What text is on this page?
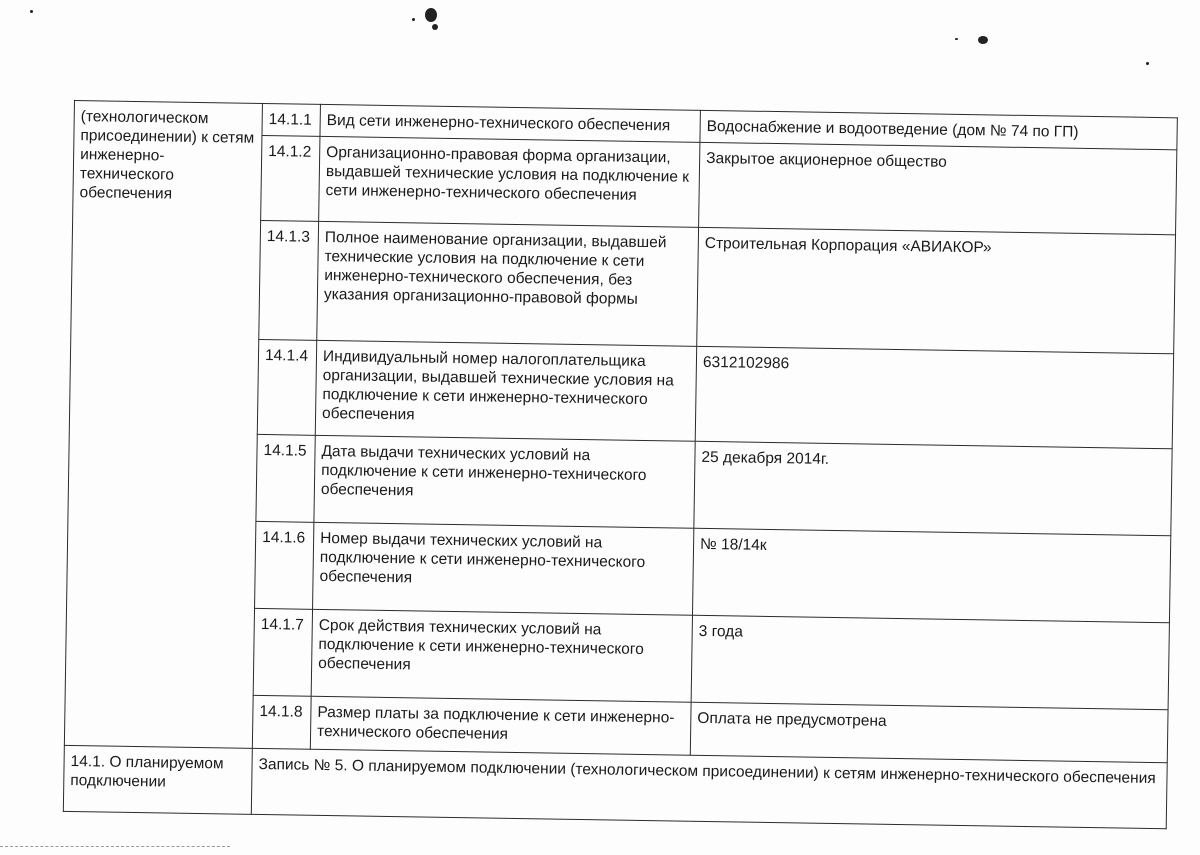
(технологическом присоединении) к сетям инженерно-технического обеспечения	14.1.1	Вид сети инженерно-технического обеспечения	Водоснабжение и водоотведение (дом № 74 по ГП)
	14.1.2	Организационно-правовая форма организации, выдавшей технические условия на подключение к сети инженерно-технического обеспечения	Закрытое акционерное общество
	14.1.3	Полное наименование организации, выдавшей технические условия на подключение к сети инженерно-технического обеспечения, без указания организационно-правовой формы	Строительная Корпорация «АВИАКОР»
	14.1.4	Индивидуальный номер налогоплательщика организации, выдавшей технические условия на подключение к сети инженерно-технического обеспечения	6312102986
	14.1.5	Дата выдачи технических условий на подключение к сети инженерно-технического обеспечения	25 декабря 2014г.
	14.1.6	Номер выдачи технических условий на подключение к сети инженерно-технического обеспечения	№ 18/14к
	14.1.7	Срок действия технических условий на подключение к сети инженерно-технического обеспечения	3 года
	14.1.8	Размер платы за подключение к сети инженерно-технического обеспечения	Оплата не предусмотрена
14.1. О планируемом подключении	Запись № 5. О планируемом подключении (технологическом присоединении) к сетям инженерно-технического обеспечения		
